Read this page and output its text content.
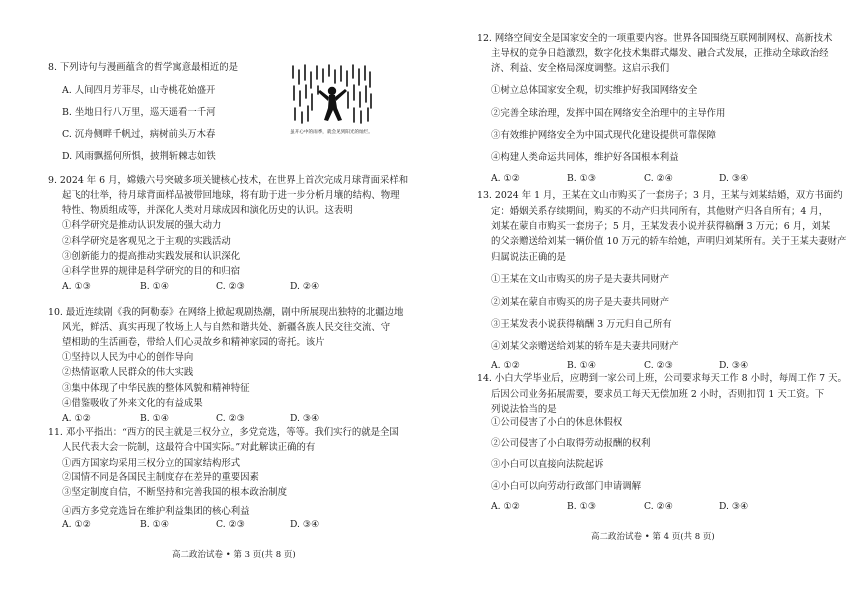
8. 下列诗句与漫画蕴含的哲学寓意最相近的是
A. 人间四月芳菲尽，山寺桃花始盛开
B. 坐地日行八万里，巡天遥看一千河
C. 沉舟侧畔千帆过，病树前头万木春
D. 风雨飘摇何所惧，披荆斩棘志如铁
9. 2024 年 6 月，嫦娥六号突破多项关键核心技术，在世界上首次完成月球背面采样和
起飞的壮举，待月球背面样品被带回地球，将有助于进一步分析月壤的结构、物理
特性、物质组成等，并深化人类对月球成因和演化历史的认识。这表明
①科学研究是推动认识发展的强大动力
②科学研究是客观见之于主观的实践活动
③创新能力的提高推动实践发展和认识深化
④科学世界的规律是科学研究的目的和归宿
A. ①③	B. ①④	C. ②③	D. ②④
10. 最近连续剧《我的阿勒泰》在网络上掀起观剧热潮，剧中所展现出独特的北疆边地
风光，鲜活、真实再现了牧场上人与自然和谐共处、新疆各族人民交往交流、守
望相助的生活画卷，带给人们心灵故乡和精神家园的寄托。该片
①坚持以人民为中心的创作导向
②热情讴歌人民群众的伟大实践
③集中体现了中华民族的整体风貌和精神特征
④借鉴吸收了外来文化的有益成果
A. ①②	B. ①④	C. ②③	D. ③④
11. 邓小平指出：“西方的民主就是三权分立，多党竞选，等等。我们实行的就是全国
人民代表大会一院制，这最符合中国实际。”对此解读正确的有
①西方国家均采用三权分立的国家结构形式
②国情不同是各国民主制度存在差异的重要因素
③坚定制度自信，不断坚持和完善我国的根本政治制度
④西方多党竞选旨在维护利益集团的核心利益
A. ①②	B. ①④	C. ②③	D. ③④
高二政治试卷 • 第 3 页(共 8 页)
虽开心中的雨季，就会见到阳光的灿烂。
12. 网络空间安全是国家安全的一项重要内容。世界各国围绕互联网制网权、高新技术
主导权的竞争日趋激烈，数字化技术集群式爆发、融合式发展，正推动全球政治经
济、利益、安全格局深度调整。这启示我们
①树立总体国家安全观，切实维护好我国网络安全
②完善全球治理，发挥中国在网络安全治理中的主导作用
③有效维护网络安全为中国式现代化建设提供可靠保障
④构建人类命运共同体，维护好各国根本利益
A. ①②	B. ①③	C. ②④	D. ③④
13. 2024 年 1 月，王某在文山市购买了一套房子；3 月，王某与刘某结婚，双方书面约
定：婚姻关系存续期间，购买的不动产归共同所有，其他财产归各自所有；4 月，
刘某在蒙自市购买一套房子；5 月，王某发表小说并获得稿酬 3 万元；6 月，刘某
的父亲赠送给刘某一辆价值 10 万元的轿车给她，声明归刘某所有。关于王某夫妻财产
归属说法正确的是
①王某在文山市购买的房子是夫妻共同财产
②刘某在蒙自市购买的房子是夫妻共同财产
③王某发表小说获得稿酬 3 万元归自己所有
④刘某父亲赠送给刘某的轿车是夫妻共同财产
A. ①②	B. ①④	C. ②③	D. ③④
14. 小白大学毕业后，应聘到一家公司上班，公司要求每天工作 8 小时，每周工作 7 天。
后因公司业务拓展需要，要求员工每天无偿加班 2 小时，否则扣罚 1 天工资。下
列说法恰当的是
①公司侵害了小白的休息休假权
②公司侵害了小白取得劳动报酬的权利
③小白可以直接向法院起诉
④小白可以向劳动行政部门申请调解
A. ①②	B. ①③	C. ②④	D. ③④
高二政治试卷 • 第 4 页(共 8 页)
